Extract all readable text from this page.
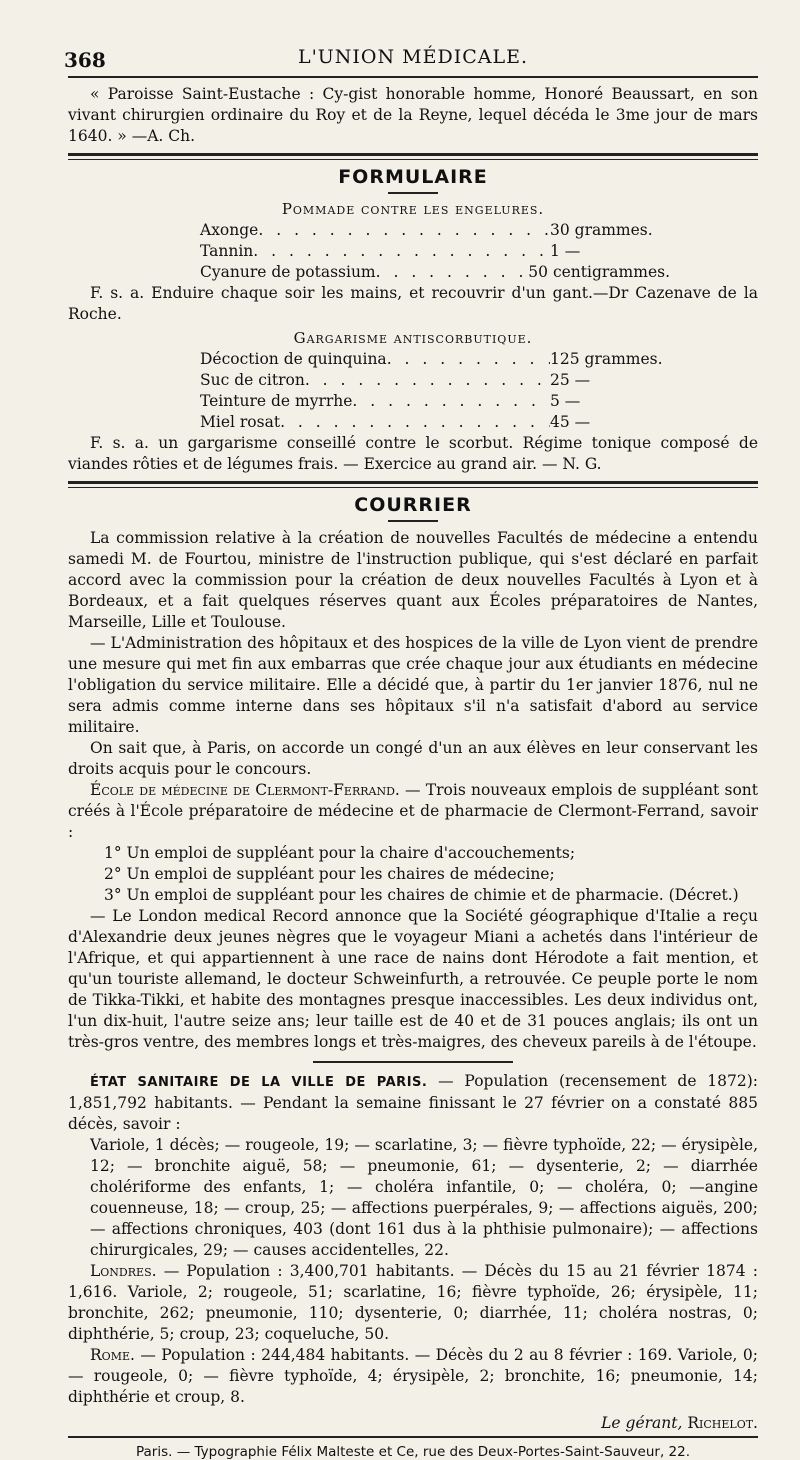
368	L'UNION MÉDICALE.

« Paroisse Saint-Eustache : Cy-gist honorable homme, Honoré Beaussart, en son vivant chirurgien ordinaire du Roy et de la Reyne, lequel décéda le 3me jour de mars 1640. » —A. Ch.

FORMULAIRE
Pommade contre les engelures.
Axonge . . .	30 grammes.
Tannin . . .	1 —
Cyanure de potassium . . .	50 centigrammes.

F. s. a. Enduire chaque soir les mains, et recouvrir d'un gant.—Dr Cazenave de la Roche.

Gargarisme antiscorbutique.
Décoction de quinquina . . .	125 grammes.
Suc de citron . . .	25 —
Teinture de myrrhe . . .	5 —
Miel rosat . . .	45 —

F. s. a. un gargarisme conseillé contre le scorbut. Régime tonique composé de viandes rôties et de légumes frais. — Exercice au grand air. — N. G.

COURRIER

La commission relative à la création de nouvelles Facultés de médecine a entendu samedi M. de Fourtou, ministre de l'instruction publique, qui s'est déclaré en parfait accord avec la commission pour la création de deux nouvelles Facultés à Lyon et à Bordeaux, et a fait quelques réserves quant aux Écoles préparatoires de Nantes, Marseille, Lille et Toulouse.

— L'Administration des hôpitaux et des hospices de la ville de Lyon vient de prendre une mesure qui met fin aux embarras que crée chaque jour aux étudiants en médecine l'obligation du service militaire. Elle a décidé que, à partir du 1er janvier 1876, nul ne sera admis comme interne dans ses hôpitaux s'il n'a satisfait d'abord au service militaire.

On sait que, à Paris, on accorde un congé d'un an aux élèves en leur conservant les droits acquis pour le concours.

École de médecine de Clermont-Ferrand. — Trois nouveaux emplois de suppléant sont créés à l'École préparatoire de médecine et de pharmacie de Clermont-Ferrand, savoir :

1° Un emploi de suppléant pour la chaire d'accouchements;

2° Un emploi de suppléant pour les chaires de médecine;

3° Un emploi de suppléant pour les chaires de chimie et de pharmacie. (Décret.)

— Le London medical Record annonce que la Société géographique d'Italie a reçu d'Alexandrie deux jeunes nègres que le voyageur Miani a achetés dans l'intérieur de l'Afrique, et qui appartiennent à une race de nains dont Hérodote a fait mention, et qu'un touriste allemand, le docteur Schweinfurth, a retrouvée. Ce peuple porte le nom de Tikka-Tikki, et habite des montagnes presque inaccessibles. Les deux individus ont, l'un dix-huit, l'autre seize ans; leur taille est de 40 et de 31 pouces anglais; ils ont un très-gros ventre, des membres longs et très-maigres, des cheveux pareils à de l'étoupe.

ÉTAT SANITAIRE DE LA VILLE DE PARIS. — Population (recensement de 1872): 1,851,792 habitants. — Pendant la semaine finissant le 27 février on a constaté 885 décès, savoir :

Variole, 1 décès; — rougeole, 19; — scarlatine, 3; — fièvre typhoïde, 22; — érysipèle, 12; — bronchite aiguë, 58; — pneumonie, 61; — dysenterie, 2; — diarrhée cholériforme des enfants, 1; — choléra infantile, 0; — choléra, 0; —angine couenneuse, 18; — croup, 25; — affections puerpérales, 9; — affections aiguës, 200; — affections chroniques, 403 (dont 161 dus à la phthisie pulmonaire); — affections chirurgicales, 29; — causes accidentelles, 22.

Londres. — Population : 3,400,701 habitants. — Décès du 15 au 21 février 1874 : 1,616. Variole, 2; rougeole, 51; scarlatine, 16; fièvre typhoïde, 26; érysipèle, 11; bronchite, 262; pneumonie, 110; dysenterie, 0; diarrhée, 11; choléra nostras, 0; diphthérie, 5; croup, 23; coqueluche, 50.

Rome. — Population : 244,484 habitants. — Décès du 2 au 8 février : 169. Variole, 0; — rougeole, 0; — fièvre typhoïde, 4; érysipèle, 2; bronchite, 16; pneumonie, 14; diphthérie et croup, 8.

Le gérant, Richelot.
Paris. — Typographie Félix Malteste et Ce, rue des Deux-Portes-Saint-Sauveur, 22.
